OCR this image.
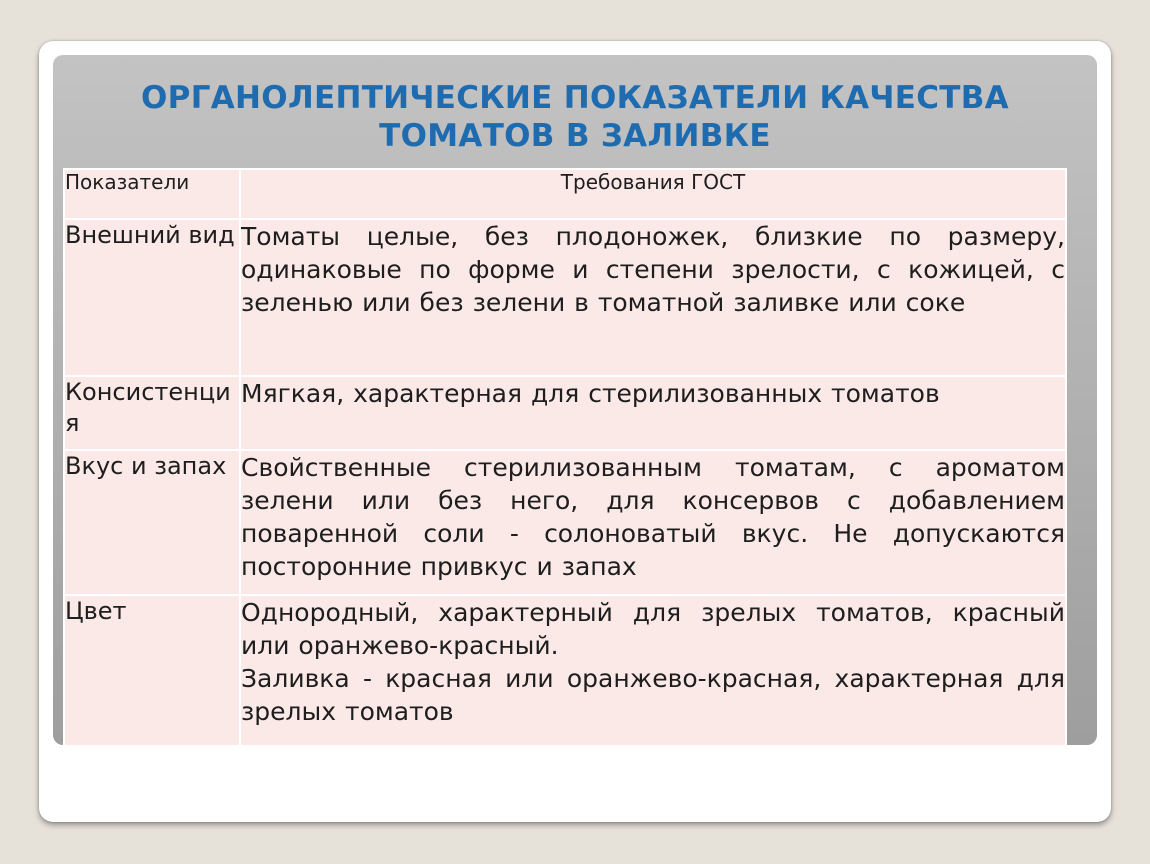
ОРГАНОЛЕПТИЧЕСКИЕ ПОКАЗАТЕЛИ КАЧЕСТВА
ТОМАТОВ В ЗАЛИВКЕ
Показатели	Требования ГОСТ
Внешний вид	Томаты целые, без плодоножек, близкие по размеру, одинаковые по форме и степени зрелости, с кожицей, с зеленью или без зелени в томатной заливке или соке
Консистенция	Мягкая, характерная для стерилизованных томатов
Вкус и запах	Свойственные стерилизованным томатам, с ароматом зелени или без него, для консервов с добавлением поваренной соли - солоноватый вкус. Не допускаются посторонние привкус и запах
Цвет	Однородный, характерный для зрелых томатов, красный или оранжево-красный.

Заливка - красная или оранжево-красная, характерная для зрелых томатов
